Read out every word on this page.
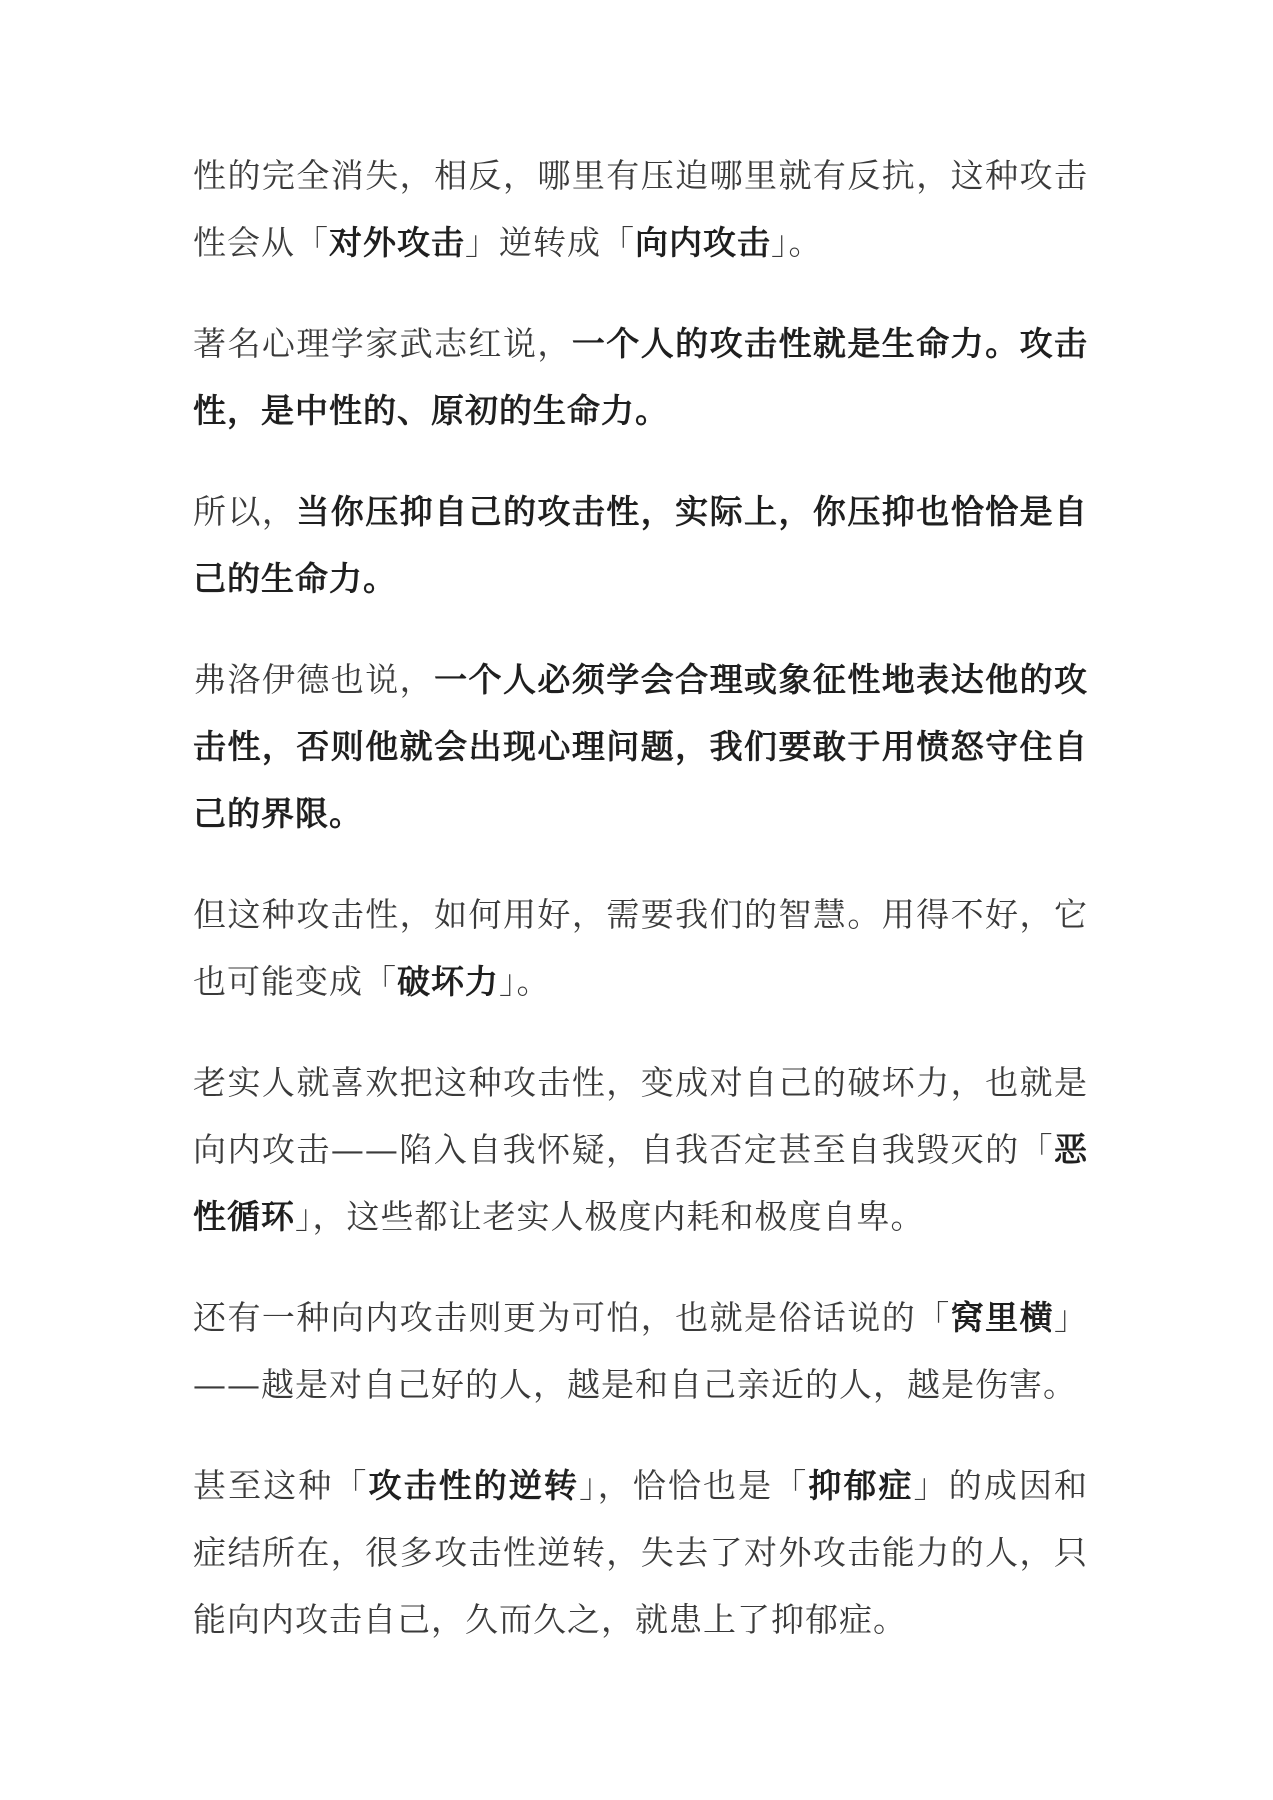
性的完全消失，相反，哪里有压迫哪里就有反抗，这种攻击性会从「对外攻击」逆转成「向内攻击」。

著名心理学家武志红说，一个人的攻击性就是生命力。攻击性，是中性的、原初的生命力。

所以，当你压抑自己的攻击性，实际上，你压抑也恰恰是自己的生命力。

弗洛伊德也说，一个人必须学会合理或象征性地表达他的攻击性，否则他就会出现心理问题，我们要敢于用愤怒守住自己的界限。

但这种攻击性，如何用好，需要我们的智慧。用得不好，它也可能变成「破坏力」。

老实人就喜欢把这种攻击性，变成对自己的破坏力，也就是向内攻击——陷入自我怀疑，自我否定甚至自我毁灭的「恶性循环」，这些都让老实人极度内耗和极度自卑。

还有一种向内攻击则更为可怕，也就是俗话说的「窝里横」——越是对自己好的人，越是和自己亲近的人，越是伤害。

甚至这种「攻击性的逆转」，恰恰也是「抑郁症」的成因和症结所在，很多攻击性逆转，失去了对外攻击能力的人，只能向内攻击自己，久而久之，就患上了抑郁症。
